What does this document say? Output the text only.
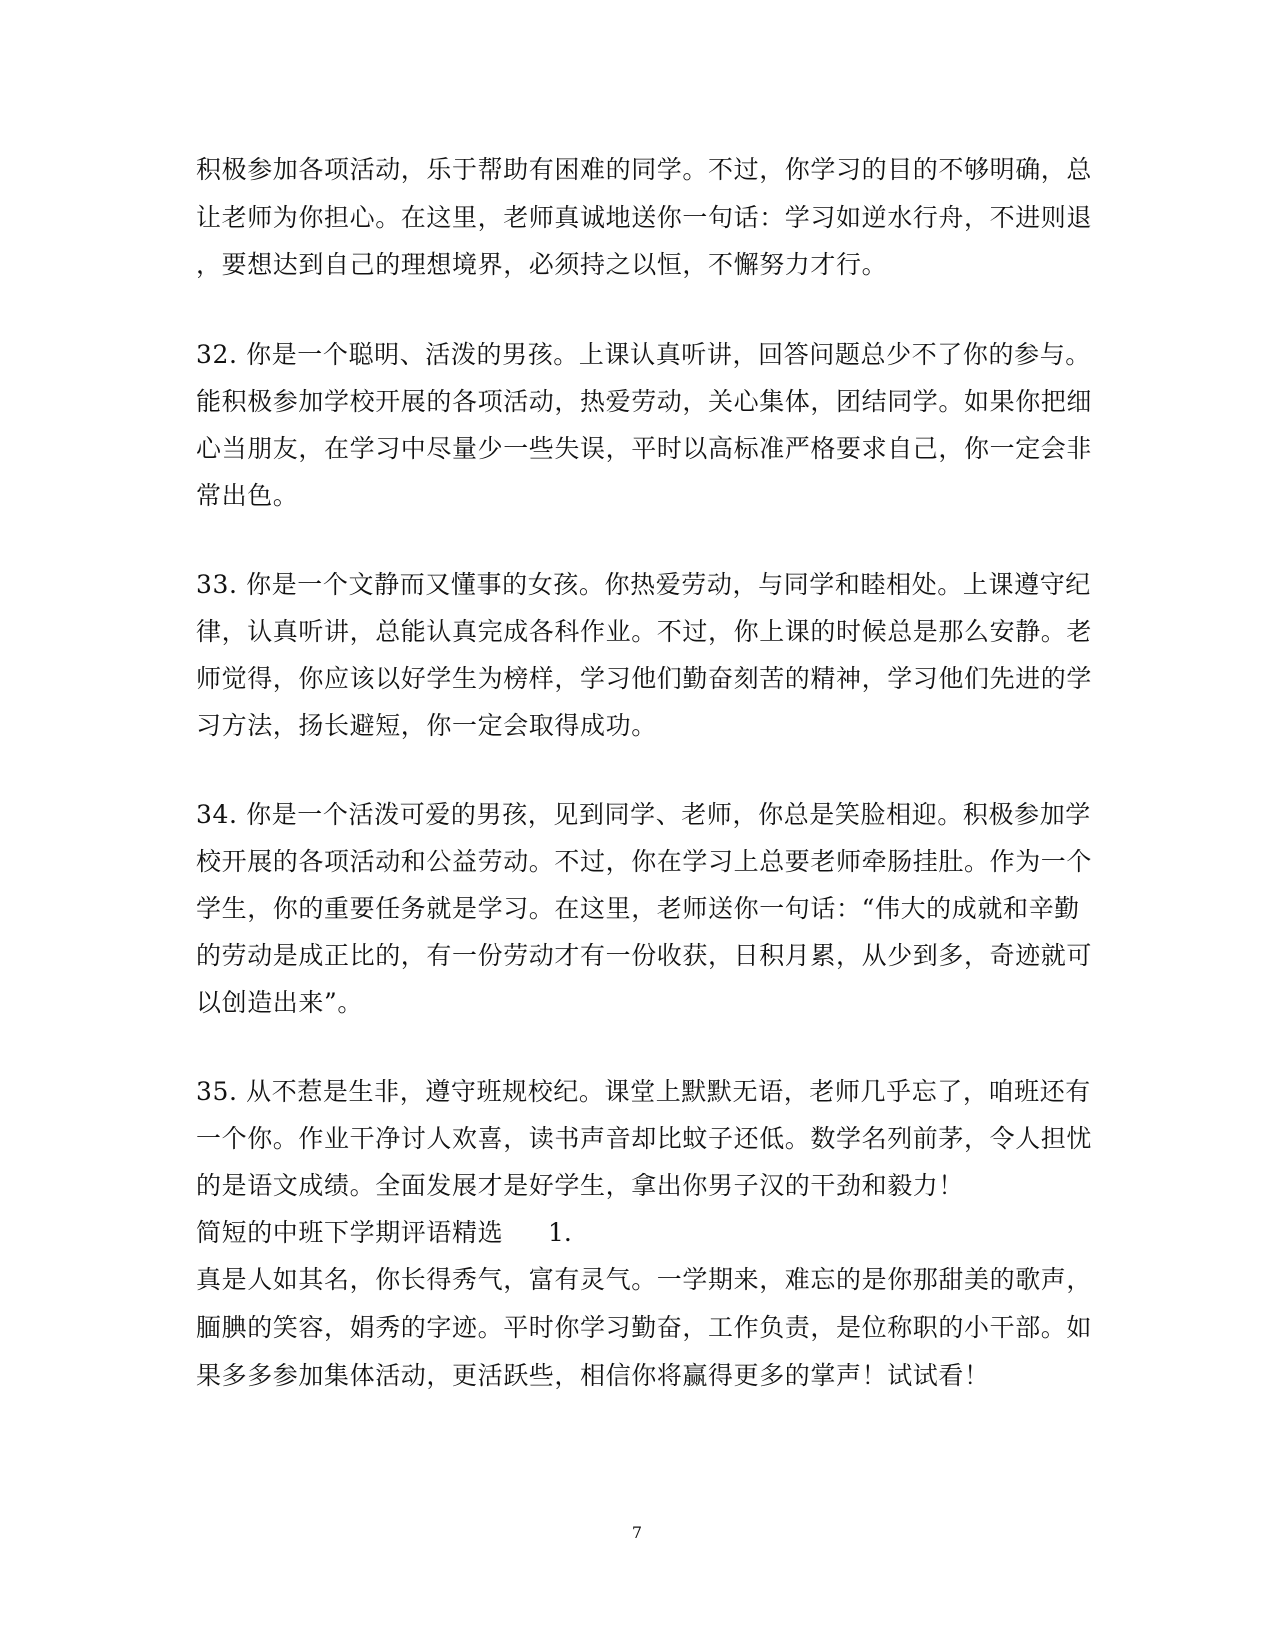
积极参加各项活动，乐于帮助有困难的同学。不过，你学习的目的不够明确，总
让老师为你担心。在这里，老师真诚地送你一句话：学习如逆水行舟，不进则退
，要想达到自己的理想境界，必须持之以恒，不懈努力才行。
32. 你是一个聪明、活泼的男孩。上课认真听讲，回答问题总少不了你的参与。
能积极参加学校开展的各项活动，热爱劳动，关心集体，团结同学。如果你把细
心当朋友，在学习中尽量少一些失误，平时以高标准严格要求自己，你一定会非
常出色。
33. 你是一个文静而又懂事的女孩。你热爱劳动，与同学和睦相处。上课遵守纪
律，认真听讲，总能认真完成各科作业。不过，你上课的时候总是那么安静。老
师觉得，你应该以好学生为榜样，学习他们勤奋刻苦的精神，学习他们先进的学
习方法，扬长避短，你一定会取得成功。
34. 你是一个活泼可爱的男孩，见到同学、老师，你总是笑脸相迎。积极参加学
校开展的各项活动和公益劳动。不过，你在学习上总要老师牵肠挂肚。作为一个
学生，你的重要任务就是学习。在这里，老师送你一句话：“伟大的成就和辛勤
的劳动是成正比的，有一份劳动才有一份收获，日积月累，从少到多，奇迹就可
以创造出来”。
35. 从不惹是生非，遵守班规校纪。课堂上默默无语，老师几乎忘了，咱班还有
一个你。作业干净讨人欢喜，读书声音却比蚊子还低。数学名列前茅，令人担忧
的是语文成绩。全面发展才是好学生，拿出你男子汉的干劲和毅力！
简短的中班下学期评语精选 1.
真是人如其名，你长得秀气，富有灵气。一学期来，难忘的是你那甜美的歌声，
腼腆的笑容，娟秀的字迹。平时你学习勤奋，工作负责，是位称职的小干部。如
果多多参加集体活动，更活跃些，相信你将赢得更多的掌声！试试看！
7
